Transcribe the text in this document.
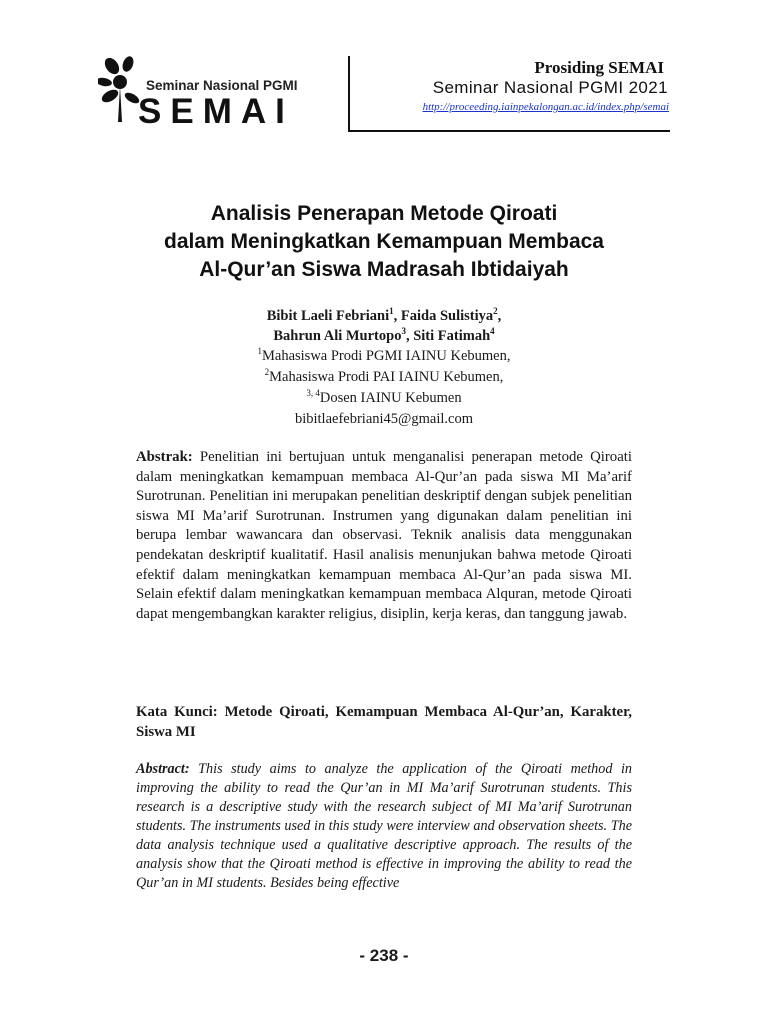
Seminar Nasional PGMI
SEMAI
Prosiding SEMAI
Seminar Nasional PGMI 2021
http://proceeding.iainpekalongan.ac.id/index.php/semai
Analisis Penerapan Metode Qiroati
dalam Meningkatkan Kemampuan Membaca
Al-Qur’an Siswa Madrasah Ibtidaiyah
Bibit Laeli Febriani$^1$, Faida Sulistiya$^2$,
Bahrun Ali Murtopo$^3$, Siti Fatimah$^4$
$^1$Mahasiswa Prodi PGMI IAINU Kebumen,
$^2$Mahasiswa Prodi PAI IAINU Kebumen,
$^{3, 4}$Dosen IAINU Kebumen
bibitlaefebriani45@gmail.com
Abstrak: Penelitian ini bertujuan untuk menganalisi penerapan metode Qiroati dalam meningkatkan kemampuan membaca Al-Qur’an pada siswa MI Ma’arif Surotrunan. Penelitian ini merupakan penelitian deskriptif dengan subjek penelitian siswa MI Ma’arif Surotrunan. Instrumen yang digunakan dalam penelitian ini berupa lembar wawancara dan observasi. Teknik analisis data menggunakan pendekatan deskriptif kualitatif. Hasil analisis menunjukan bahwa metode Qiroati efektif dalam meningkatkan kemampuan membaca Al-Qur’an pada siswa MI. Selain efektif dalam meningkatkan kemampuan membaca Alquran, metode Qiroati dapat mengembangkan karakter religius, disiplin, kerja keras, dan tanggung jawab.
Kata Kunci: Metode Qiroati, Kemampuan Membaca Al-Qur’an, Karakter, Siswa MI
Abstract: This study aims to analyze the application of the Qiroati method in improving the ability to read the Qur’an in MI Ma’arif Surotrunan students. This research is a descriptive study with the research subject of MI Ma’arif Surotrunan students. The instruments used in this study were interview and observation sheets. The data analysis technique used a qualitative descriptive approach. The results of the analysis show that the Qiroati method is effective in improving the ability to read the Qur’an in MI students. Besides being effective
- 238 -
